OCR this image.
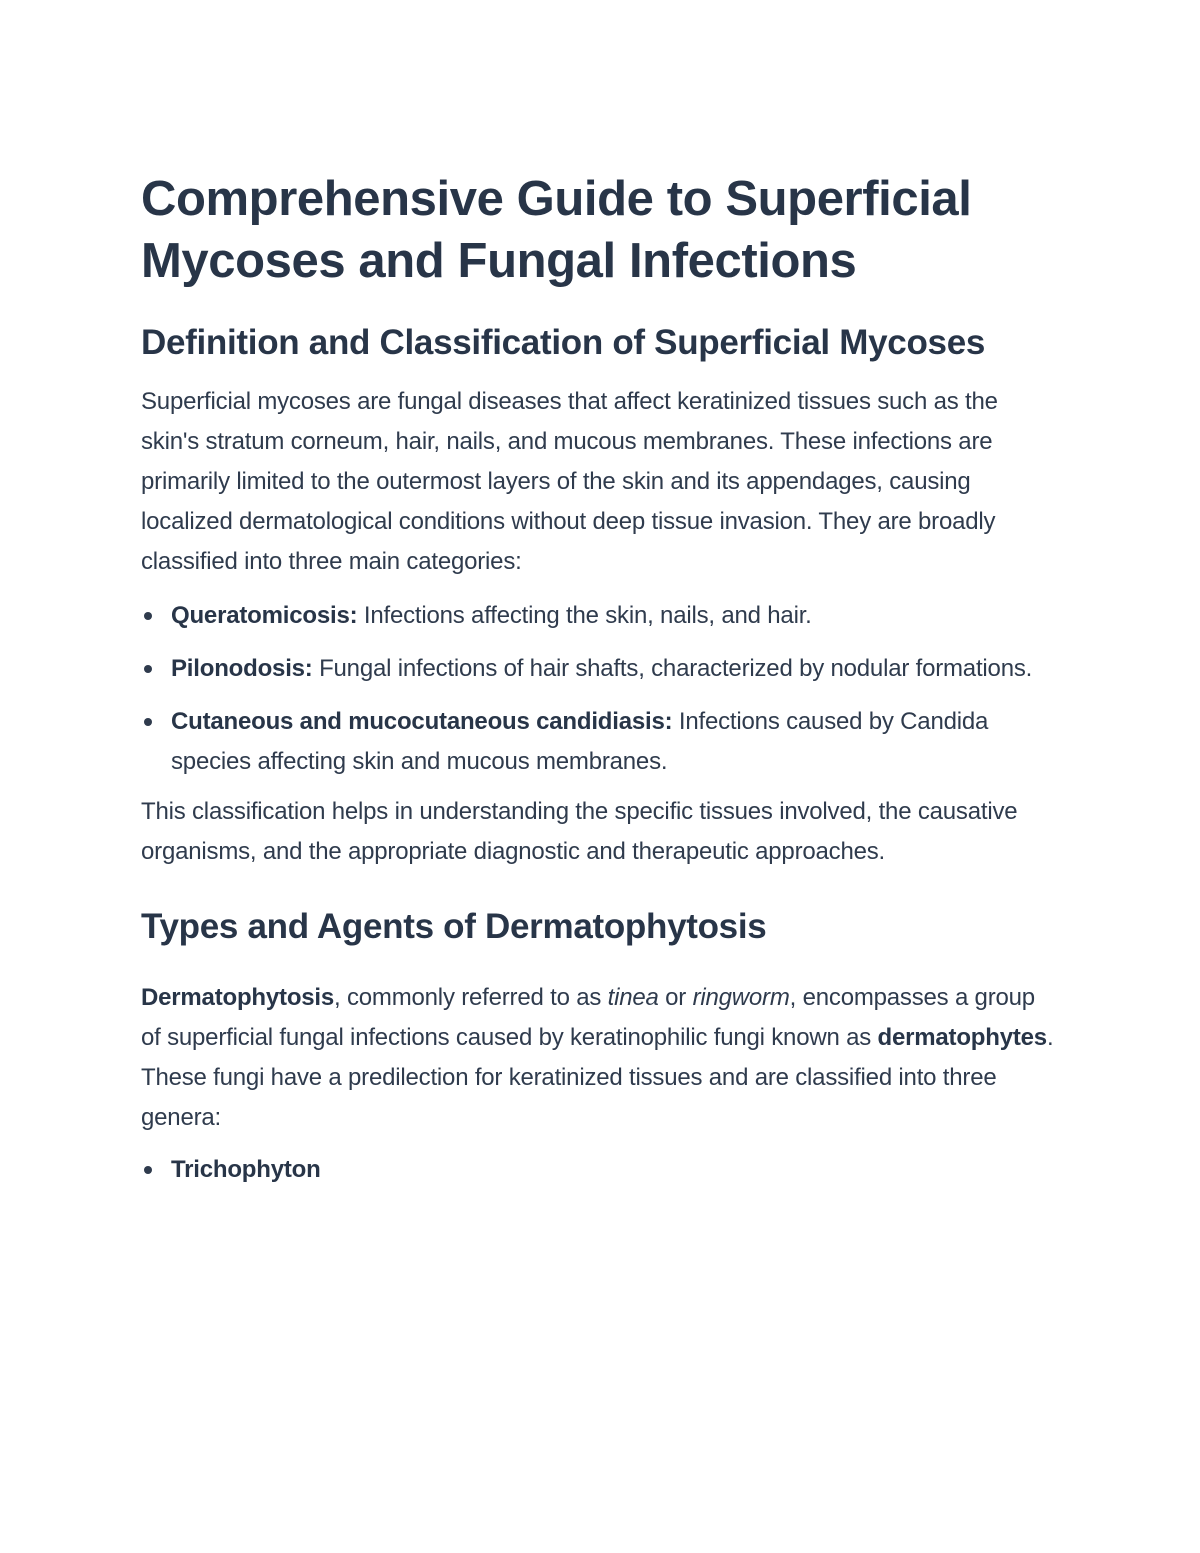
Comprehensive Guide to Superficial Mycoses and Fungal Infections
Definition and Classification of Superficial Mycoses

Superficial mycoses are fungal diseases that affect keratinized tissues such as the skin's stratum corneum, hair, nails, and mucous membranes. These infections are primarily limited to the outermost layers of the skin and its appendages, causing localized dermatological conditions without deep tissue invasion. They are broadly classified into three main categories:

Queratomicosis: Infections affecting the skin, nails, and hair.
Pilonodosis: Fungal infections of hair shafts, characterized by nodular formations.
Cutaneous and mucocutaneous candidiasis: Infections caused by Candida species affecting skin and mucous membranes.

This classification helps in understanding the specific tissues involved, the causative organisms, and the appropriate diagnostic and therapeutic approaches.

Types and Agents of Dermatophytosis

Dermatophytosis, commonly referred to as tinea or ringworm, encompasses a group of superficial fungal infections caused by keratinophilic fungi known as dermatophytes. These fungi have a predilection for keratinized tissues and are classified into three genera:

Trichophyton
